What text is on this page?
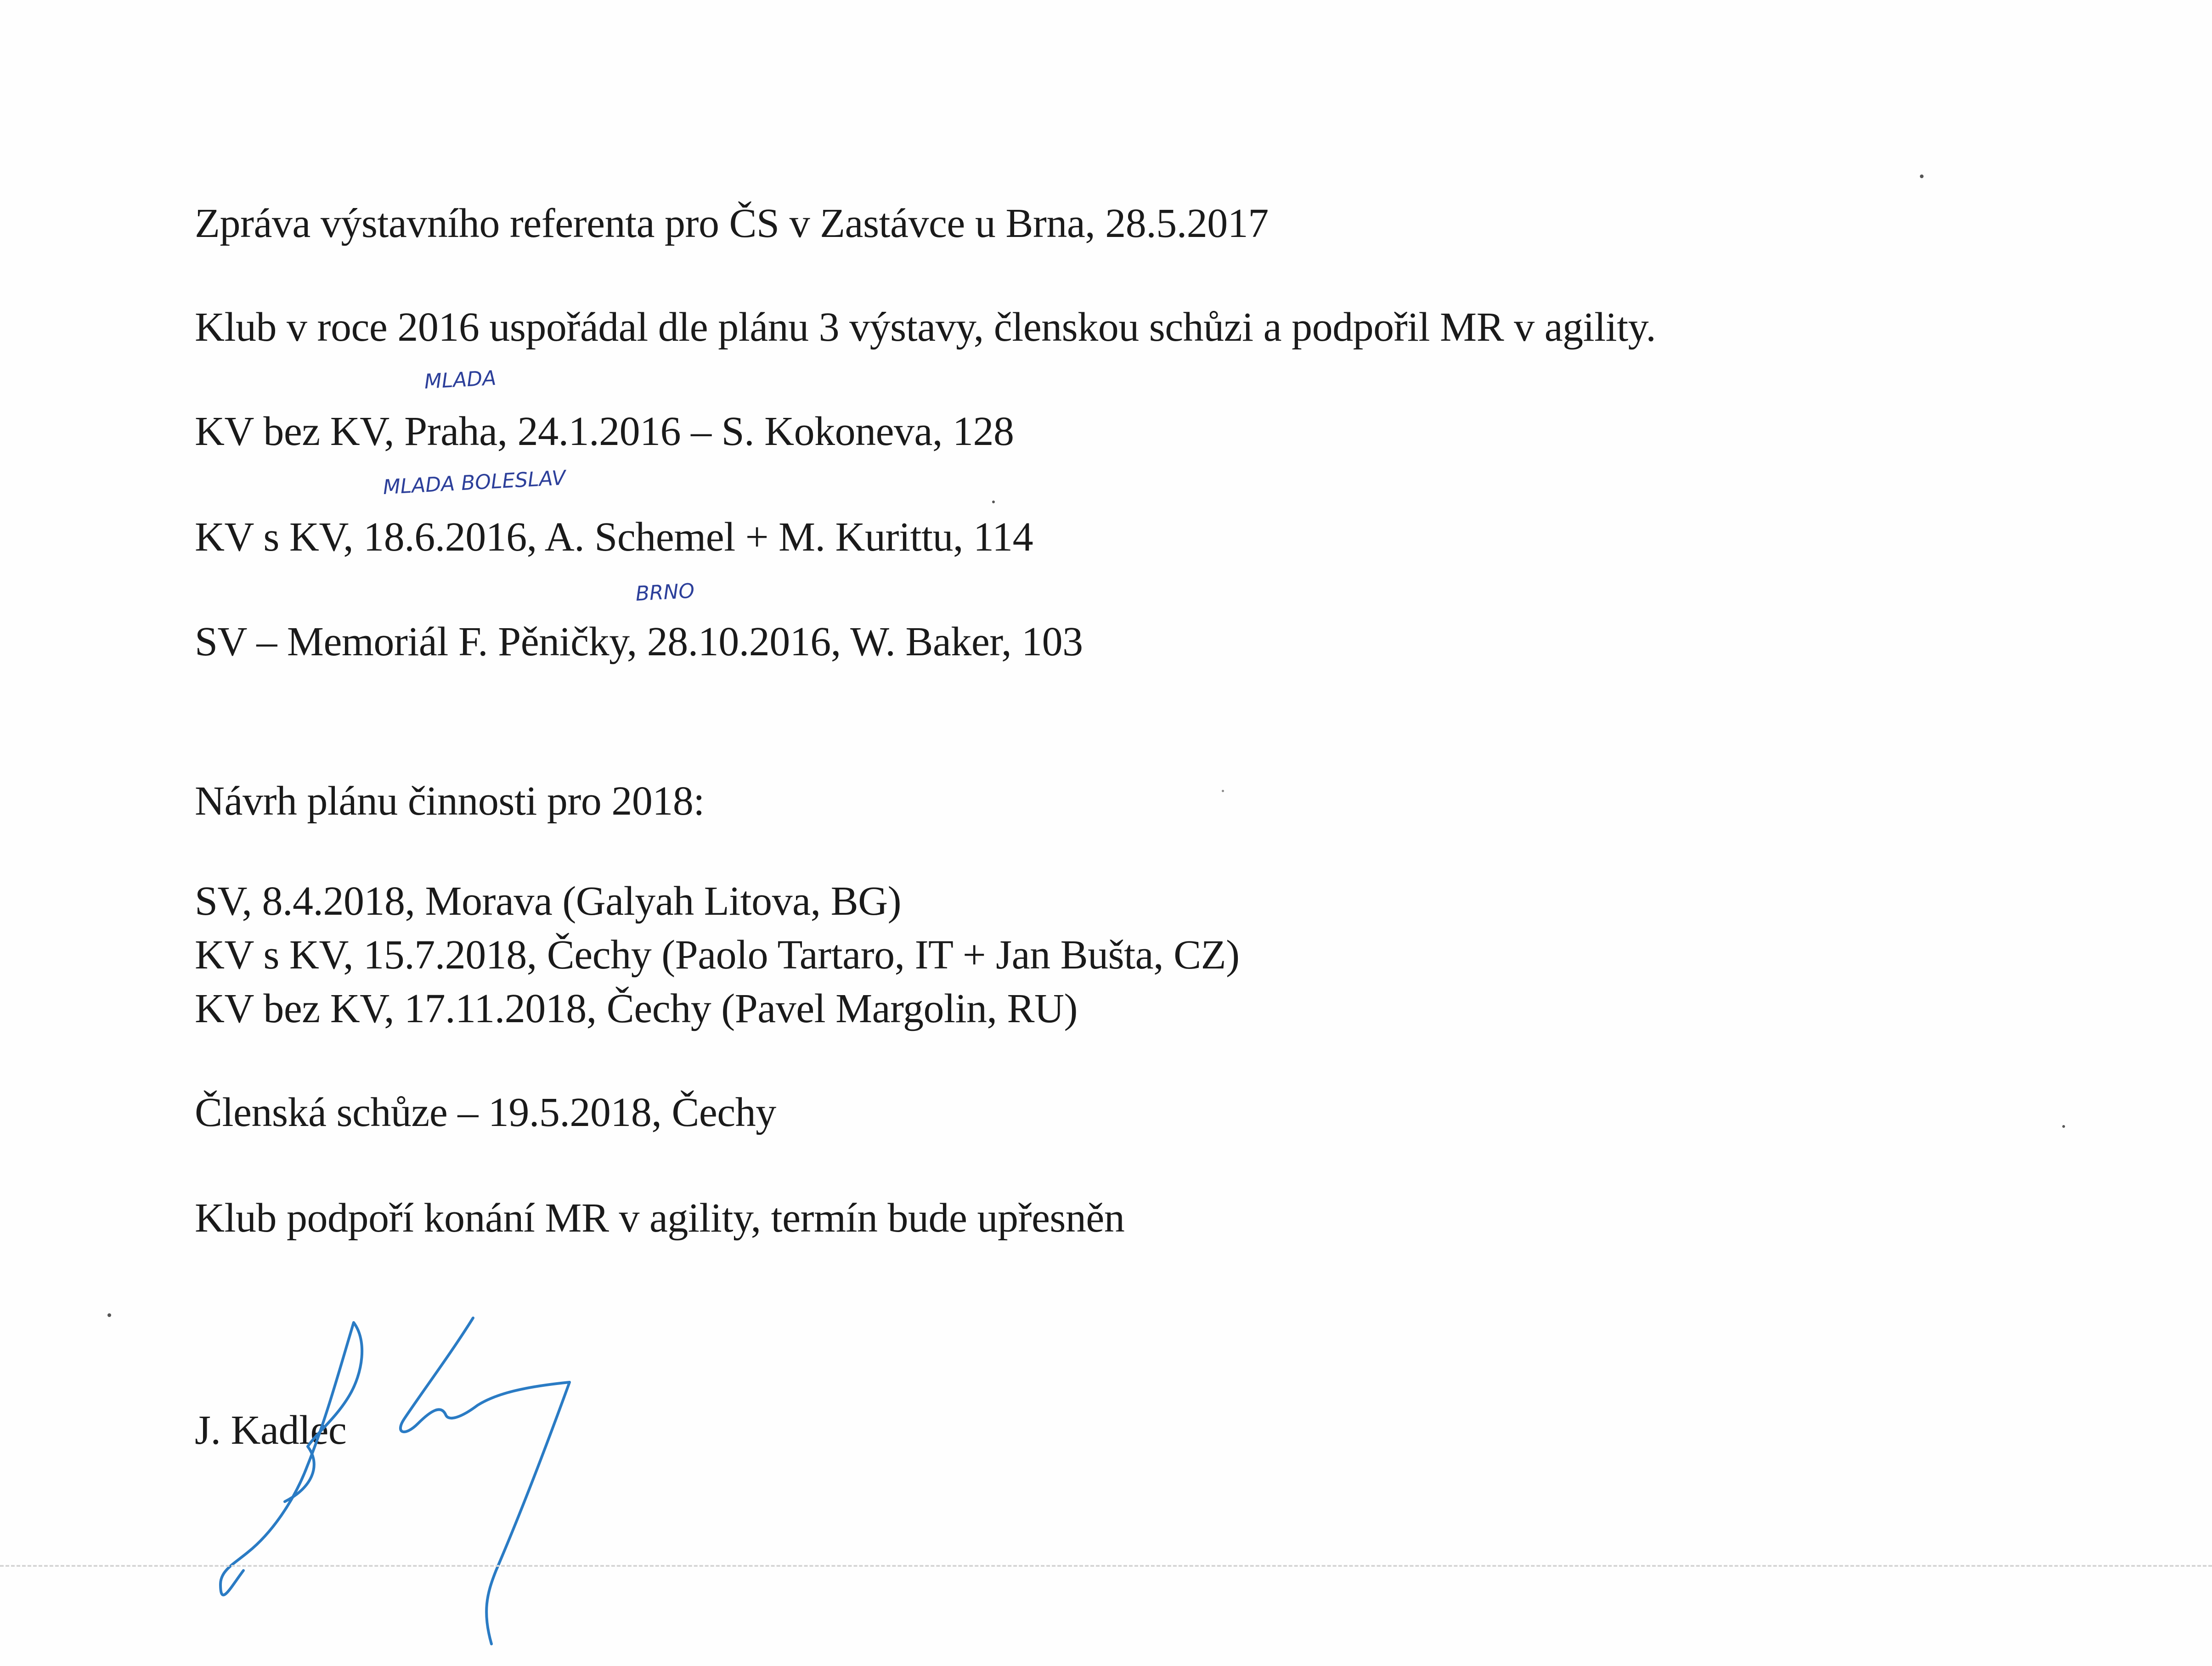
Zpráva výstavního referenta pro ČS v Zastávce u Brna, 28.5.2017
Klub v roce 2016 uspořádal dle plánu 3 výstavy, členskou schůzi a podpořil MR v agility.
MLADA
KV bez KV, Praha, 24.1.2016 – S. Kokoneva, 128
MLADA BOLESLAV
KV s KV, 18.6.2016, A. Schemel + M. Kurittu, 114
BRNO
SV – Memoriál F. Pěničky, 28.10.2016, W. Baker, 103
Návrh plánu činnosti pro 2018:
SV, 8.4.2018, Morava (Galyah Litova, BG)
KV s KV, 15.7.2018, Čechy (Paolo Tartaro, IT + Jan Bušta, CZ)
KV bez KV, 17.11.2018, Čechy (Pavel Margolin, RU)
Členská schůze – 19.5.2018, Čechy
Klub podpoří konání MR v agility, termín bude upřesněn
J. Kadlec
